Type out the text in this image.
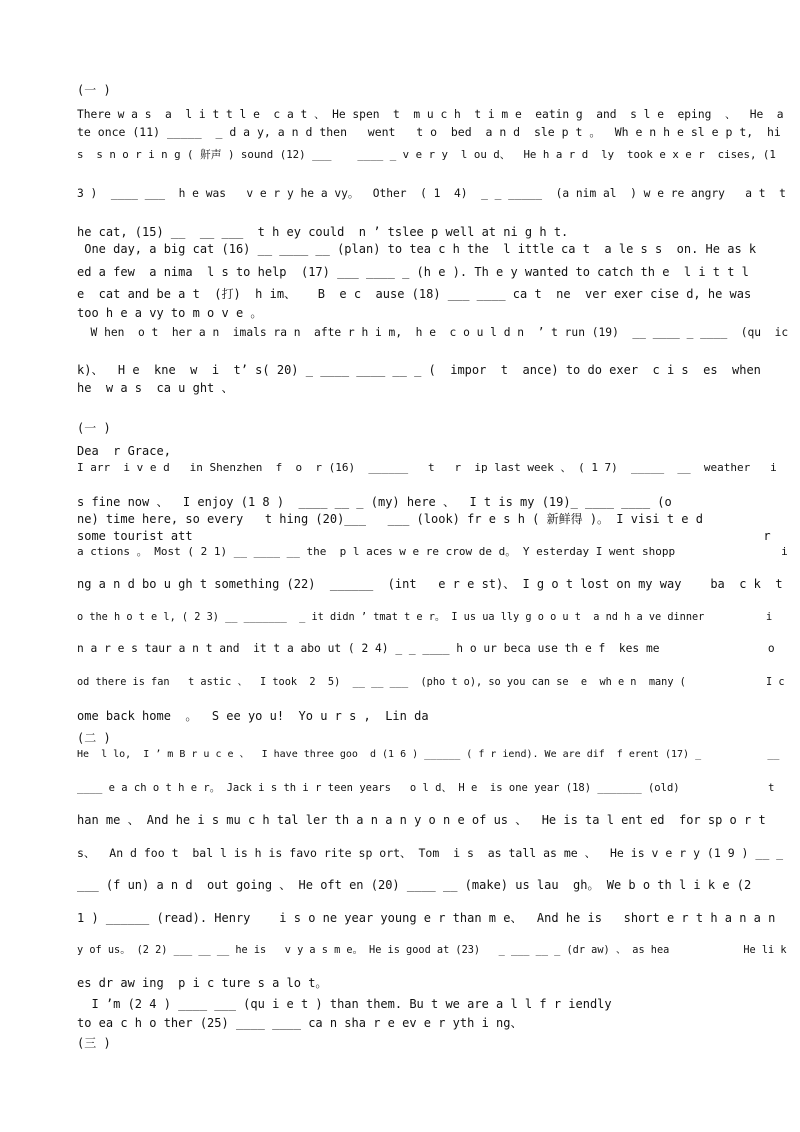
(一 )
There w a s  a  l i t t l e  c a t 、 He spen  t  m u c h  t i m e  eatin g  and  s l e  eping  、  He  a
te once (11) _____  _ d a y, a n d then   went   t o  bed  a n d  sle p t 。  Wh e n h e sl e p t,  hi
s  s n o r i n g ( 鼾声 ) sound (12) ___    ____ _ v e r y  l ou d、  He h a r d  ly  took e x e r  cises, (1
3 )  ____ ___  h e was   v e r y he a vy。  Other  ( 1  4)  _ _ _____  (a nim al  ) w e re angry   a t  t
he cat, (15) __  __ ___  t h ey could  n ’ tslee p well at ni g h t.
One day, a big cat (16) __ ____ __ (plan) to tea c h the  l ittle ca t  a le s s  on. He as k
ed a few  a nima  l s to help  (17) ___ ____ _ (h e ). Th e y wanted to catch th e  l i t t l
e  cat and be a t  (打)  h im、   B  e c  ause (18) ___ ____ ca t  ne  ver exer cise d, he was
too h e a vy to m o v e 。
W hen  o t  her a n  imals ra n  afte r h i m,  h e  c o u l d n  ’ t run (19)  __ ____ _ ____  (qu  ic
k)、  H e  kne  w  i  t’ s( 20) _ ____ ____ __ _ (  impor  t  ance) to do exer  c i s  es  when
he  w a s  ca u ght 、
(一 )
Dea  r Grace,
I arr  i v e d   in Shenzhen  f  o  r (16)  ______   t   r  ip last week 、 ( 1 7)  _____  __  weather   i
s fine now 、  I enjoy (1 8 )  ____ __ _ (my) here 、  I t is my (19)_ ____ ____ (o
ne) time here, so every   t hing (20)___   ___ (look) fr e s h ( 新鲜得 )。 I visi t e d
some tourist att                                                                               r
a ctions 。 Most ( 2 1) __ ____ __ the  p l aces w e re crow de d。 Y esterday I went shopp                i
ng a n d bo u gh t something (22)  ______  (int   e r e st)、 I g o t lost on my way    ba  c k  t
o the h o t e l, ( 2 3) __ _______  _ it didn ’ tmat t e r。 I us ua lly g o o u t  a nd h a ve dinner          i
n a r e s taur a n t and  it t a abo ut ( 2 4) _ _ ____ h o ur beca use th e f  kes me                o
od there is fan   t astic 、  I took  2  5)  __ __ ___  (pho t o), so you can se  e  wh e n  many (             I c
ome back home  。  S ee yo u!  Yo u r s ,  Lin da
(二 )
He  l lo,  I ’ m B r u c e 、  I have three goo  d (1 6 ) ______ ( f r iend). We are dif  f erent (17) _           __
____ e a ch o t h e r。 Jack i s th i r teen years   o l d、 H e  is one year (18) _______ (old)              t
han me 、 And he i s mu c h tal ler th a n a n y o n e of us 、  He is ta l ent ed  for sp o r t
s、  An d foo t  bal l is h is favo rite sp ort、 Tom  i s  as tall as me 、  He is v e r y (1 9 ) __ _
___ (f un) a n d  out going 、 He oft en (20) ____ __ (make) us lau  gh。 We b o th l i k e (2
1 ) ______ (read). Henry    i s o ne year young e r than m e、  And he is   short e r t h a n a n
y of us。 (2 2) ___ __ __ he is   v y a s m e。 He is good at (23)   _ ___ __ _ (dr aw) 、 as hea            He li k
es dr aw ing  p i c ture s a lo t。
I ’m (2 4 ) ____ ___ (qu i e t ) than them. Bu t we are a l l f r iendly
to ea c h o ther (25) ____ ____ ca n sha r e ev e r yth i ng、
(三 )
